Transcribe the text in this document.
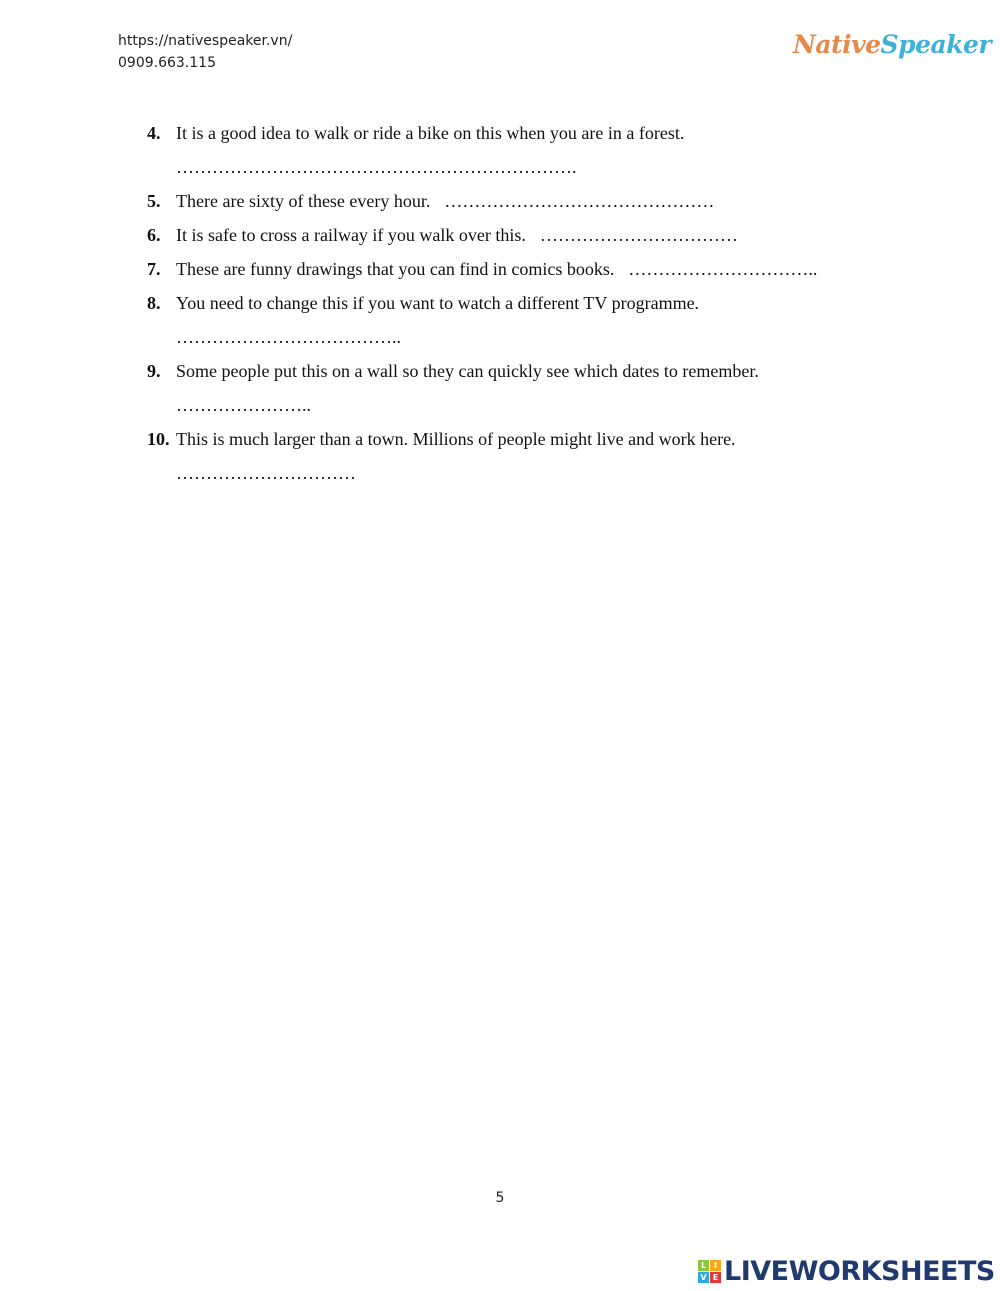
https://nativespeaker.vn/
0909.663.115
NativeSpeaker
4. It is a good idea to walk or ride a bike on this when you are in a forest.
………………………………………………………….
5. There are sixty of these every hour. ………………………………………
6. It is safe to cross a railway if you walk over this. ……………………………
7. These are funny drawings that you can find in comics books. …………………………..
8. You need to change this if you want to watch a different TV programme.
………………………………..
9. Some people put this on a wall so they can quickly see which dates to remember.
…………………..
10. This is much larger than a town. Millions of people might live and work here.
…………………………
5
L I
V E LIVEWORKSHEETS
